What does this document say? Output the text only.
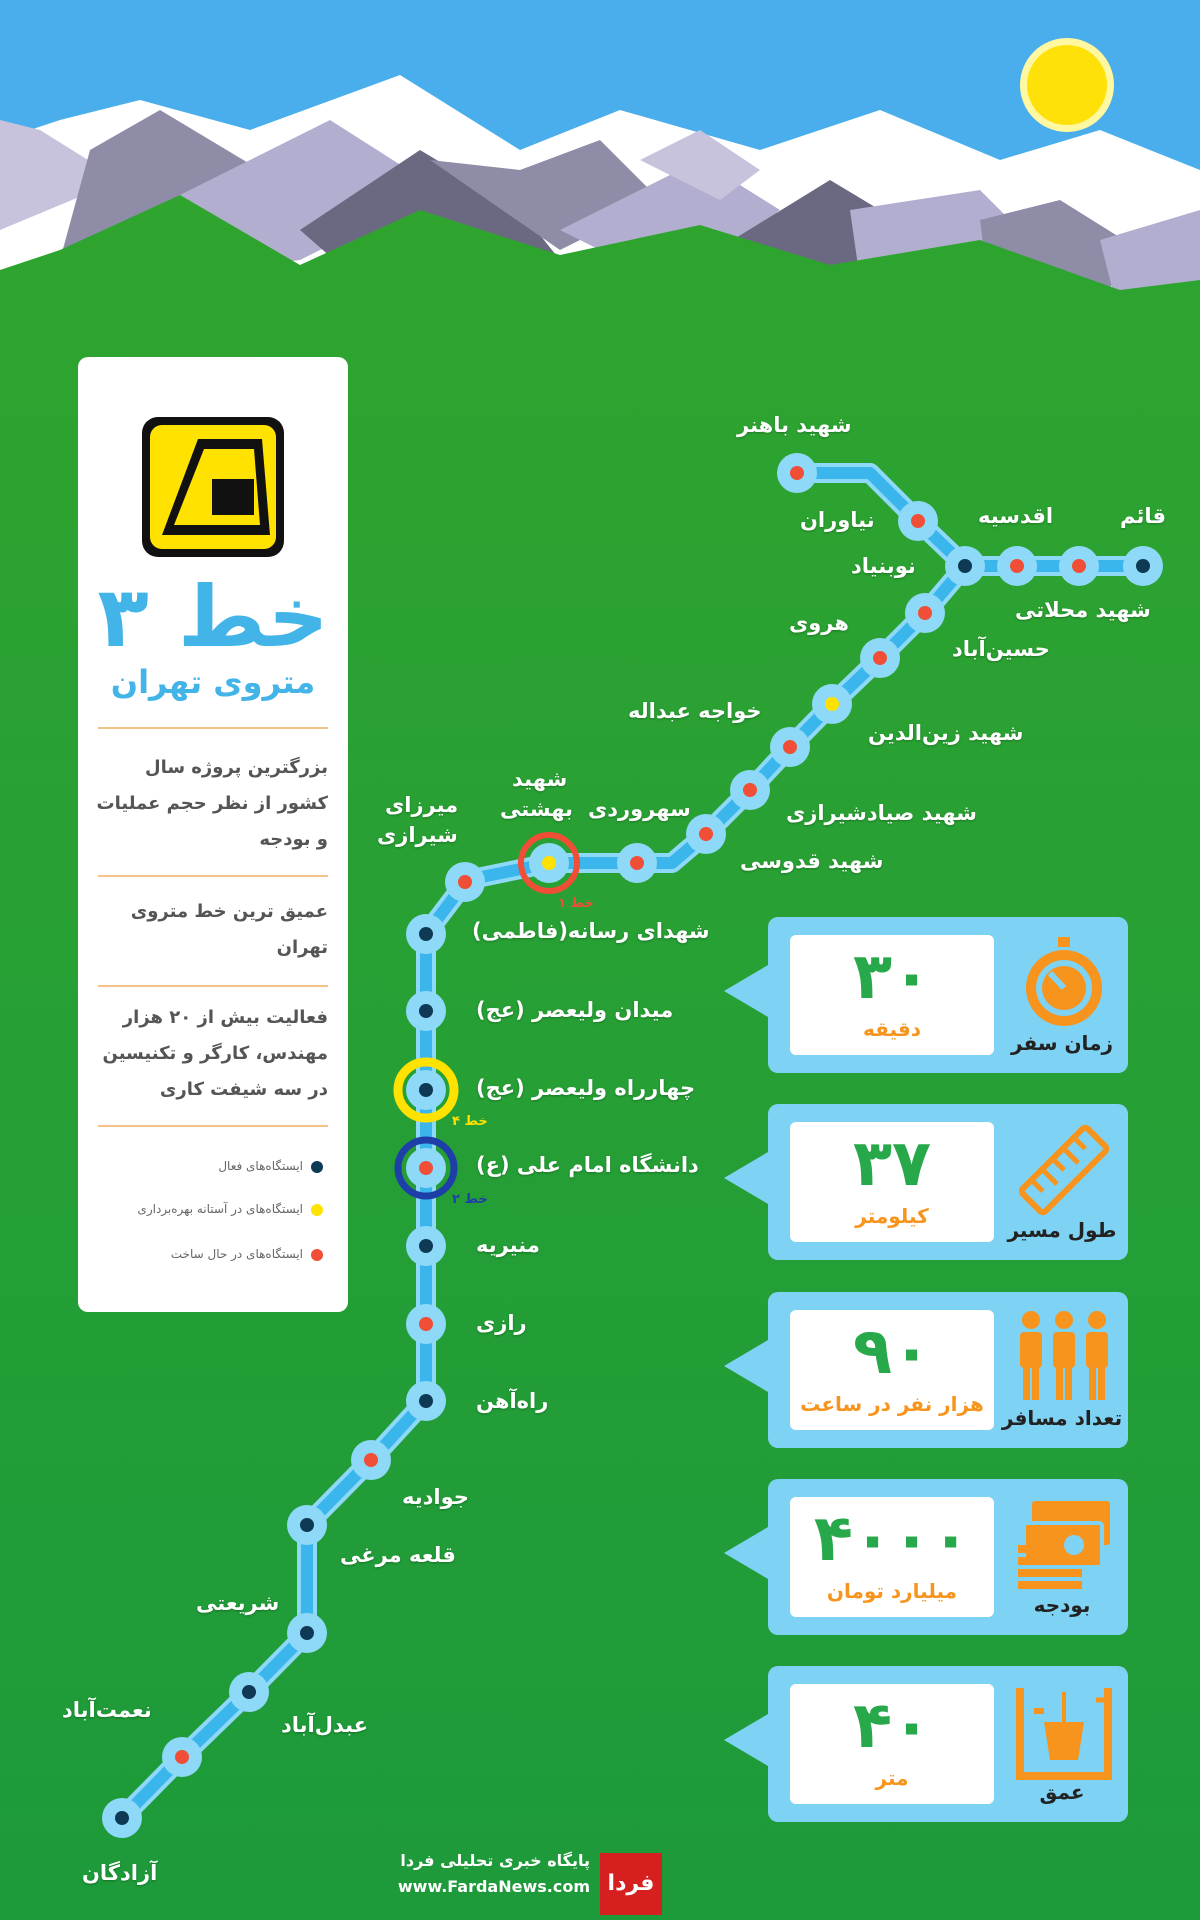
خط ۳
متروی تهران
بزرگترین پروژه سال کشور از نظر حجم عملیات و بودجه
عمیق ترین خط متروی تهران
فعالیت بیش از ۲۰ هزار مهندس، کارگر و تکنیسین در سه شیفت کاری
ایستگاه‌های فعال
ایستگاه‌های در آستانه بهره‌برداری
ایستگاه‌های در حال ساخت
شهید باهنر
قائم
اقدسیه
نیاوران
نوبنیاد
شهید محلاتی
هروی
حسین‌آباد
خواجه عبداله
شهید زین‌الدین
شهید
بهشتی سهروردی
میرزای
شیرازی
شهید صیادشیرازی
شهید قدوسی
شهدای رسانه(فاطمی)
میدان ولیعصر (عج)
چهارراه ولیعصر (عج)
دانشگاه امام علی (ع)
منیریه
رازی
راه‌آهن
جوادیه
قلعه مرغی
شریعتی
عبدل‌آباد
نعمت‌آباد
آزادگان
خط ۱
خط ۴
خط ۲
۳۰
دقیقه
زمان سفر
۳۷
کیلومتر
طول مسیر
۹۰
هزار نفر در ساعت
تعداد مسافر
۴۰۰۰
میلیارد تومان
بودجه
۴۰
متر
عمق
پایگاه خبری تحلیلی فردا
www.FardaNews.com فردا
